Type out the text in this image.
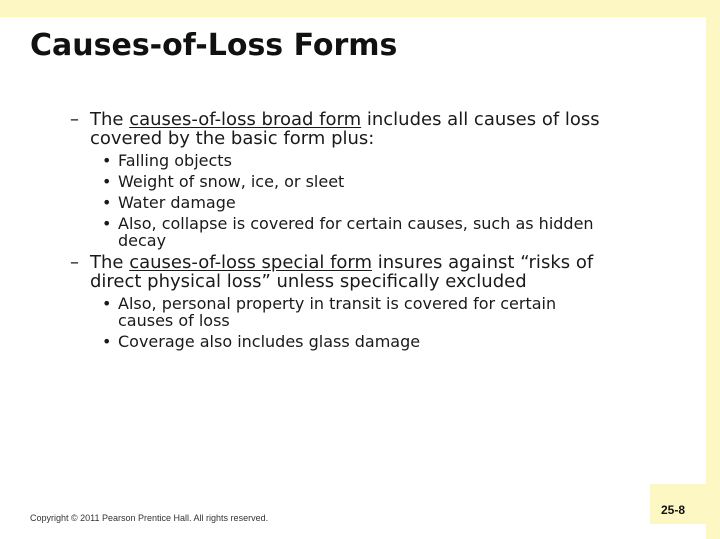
Causes-of-Loss Forms
– The causes-of-loss broad form includes all causes of loss
covered by the basic form plus:
• Falling objects
• Weight of snow, ice, or sleet
• Water damage
• Also, collapse is covered for certain causes, such as hidden
decay
– The causes-of-loss special form insures against “risks of
direct physical loss” unless specifically excluded
• Also, personal property in transit is covered for certain
causes of loss
• Coverage also includes glass damage
Copyright © 2011 Pearson Prentice Hall. All rights reserved.
25-8
